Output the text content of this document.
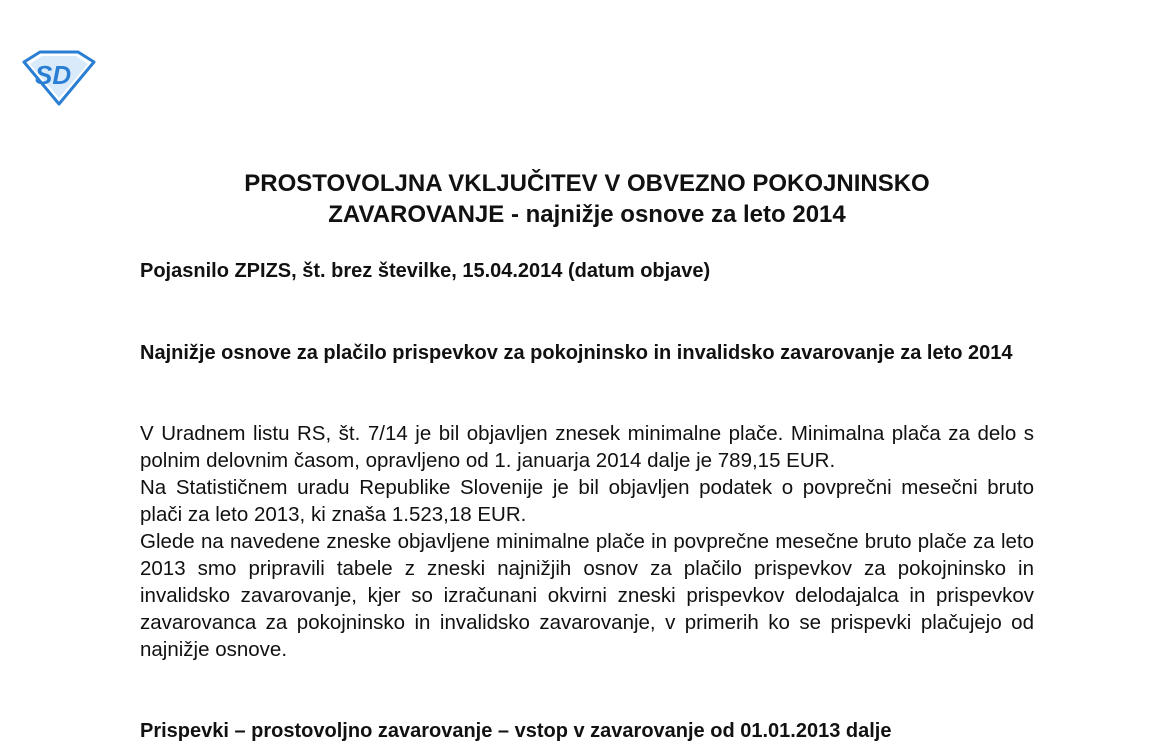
SD
PROSTOVOLJNA VKLJUČITEV V OBVEZNO POKOJNINSKO
ZAVAROVANJE - najnižje osnove za leto 2014

Pojasnilo ZPIZS, št. brez številke, 15.04.2014 (datum objave)

Najnižje osnove za plačilo prispevkov za pokojninsko in invalidsko zavarovanje za leto 2014

V Uradnem listu RS, št. 7/14 je bil objavljen znesek minimalne plače. Minimalna plača za delo s polnim delovnim časom, opravljeno od 1. januarja 2014 dalje je 789,15 EUR.

Na Statističnem uradu Republike Slovenije je bil objavljen podatek o povprečni mesečni bruto plači za leto 2013, ki znaša 1.523,18 EUR.

Glede na navedene zneske objavljene minimalne plače in povprečne mesečne bruto plače za leto 2013 smo pripravili tabele z zneski najnižjih osnov za plačilo prispevkov za pokojninsko in invalidsko zavarovanje, kjer so izračunani okvirni zneski prispevkov delodajalca in prispevkov zavarovanca za pokojninsko in invalidsko zavarovanje, v primerih ko se prispevki plačujejo od najnižje osnove.

Prispevki – prostovoljno zavarovanje – vstop v zavarovanje od 01.01.2013 dalje
